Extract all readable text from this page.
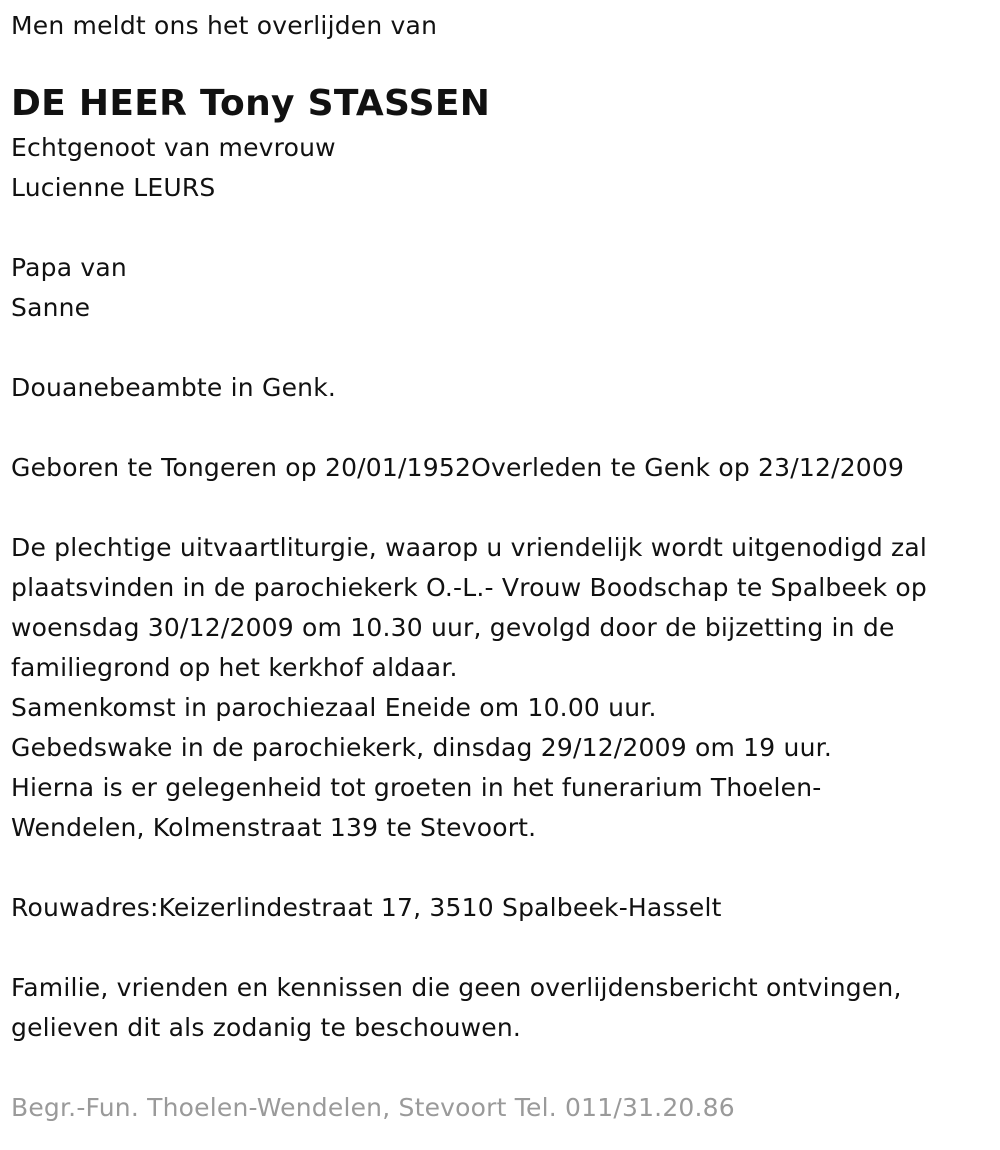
Men meldt ons het overlijden van
DE HEER Tony STASSEN
Echtgenoot van mevrouw
Lucienne LEURS
Papa van
Sanne
Douanebeambte in Genk.
Geboren te Tongeren op 20/01/1952Overleden te Genk op 23/12/2009
De plechtige uitvaartliturgie, waarop u vriendelijk wordt uitgenodigd zal
plaatsvinden in de parochiekerk O.-L.- Vrouw Boodschap te Spalbeek op
woensdag 30/12/2009 om 10.30 uur, gevolgd door de bijzetting in de
familiegrond op het kerkhof aldaar.
Samenkomst in parochiezaal Eneide om 10.00 uur.
Gebedswake in de parochiekerk, dinsdag 29/12/2009 om 19 uur.
Hierna is er gelegenheid tot groeten in het funerarium Thoelen-
Wendelen, Kolmenstraat 139 te Stevoort.
Rouwadres:Keizerlindestraat 17, 3510 Spalbeek-Hasselt
Familie, vrienden en kennissen die geen overlijdensbericht ontvingen,
gelieven dit als zodanig te beschouwen.
Begr.-Fun. Thoelen-Wendelen, Stevoort Tel. 011/31.20.86
